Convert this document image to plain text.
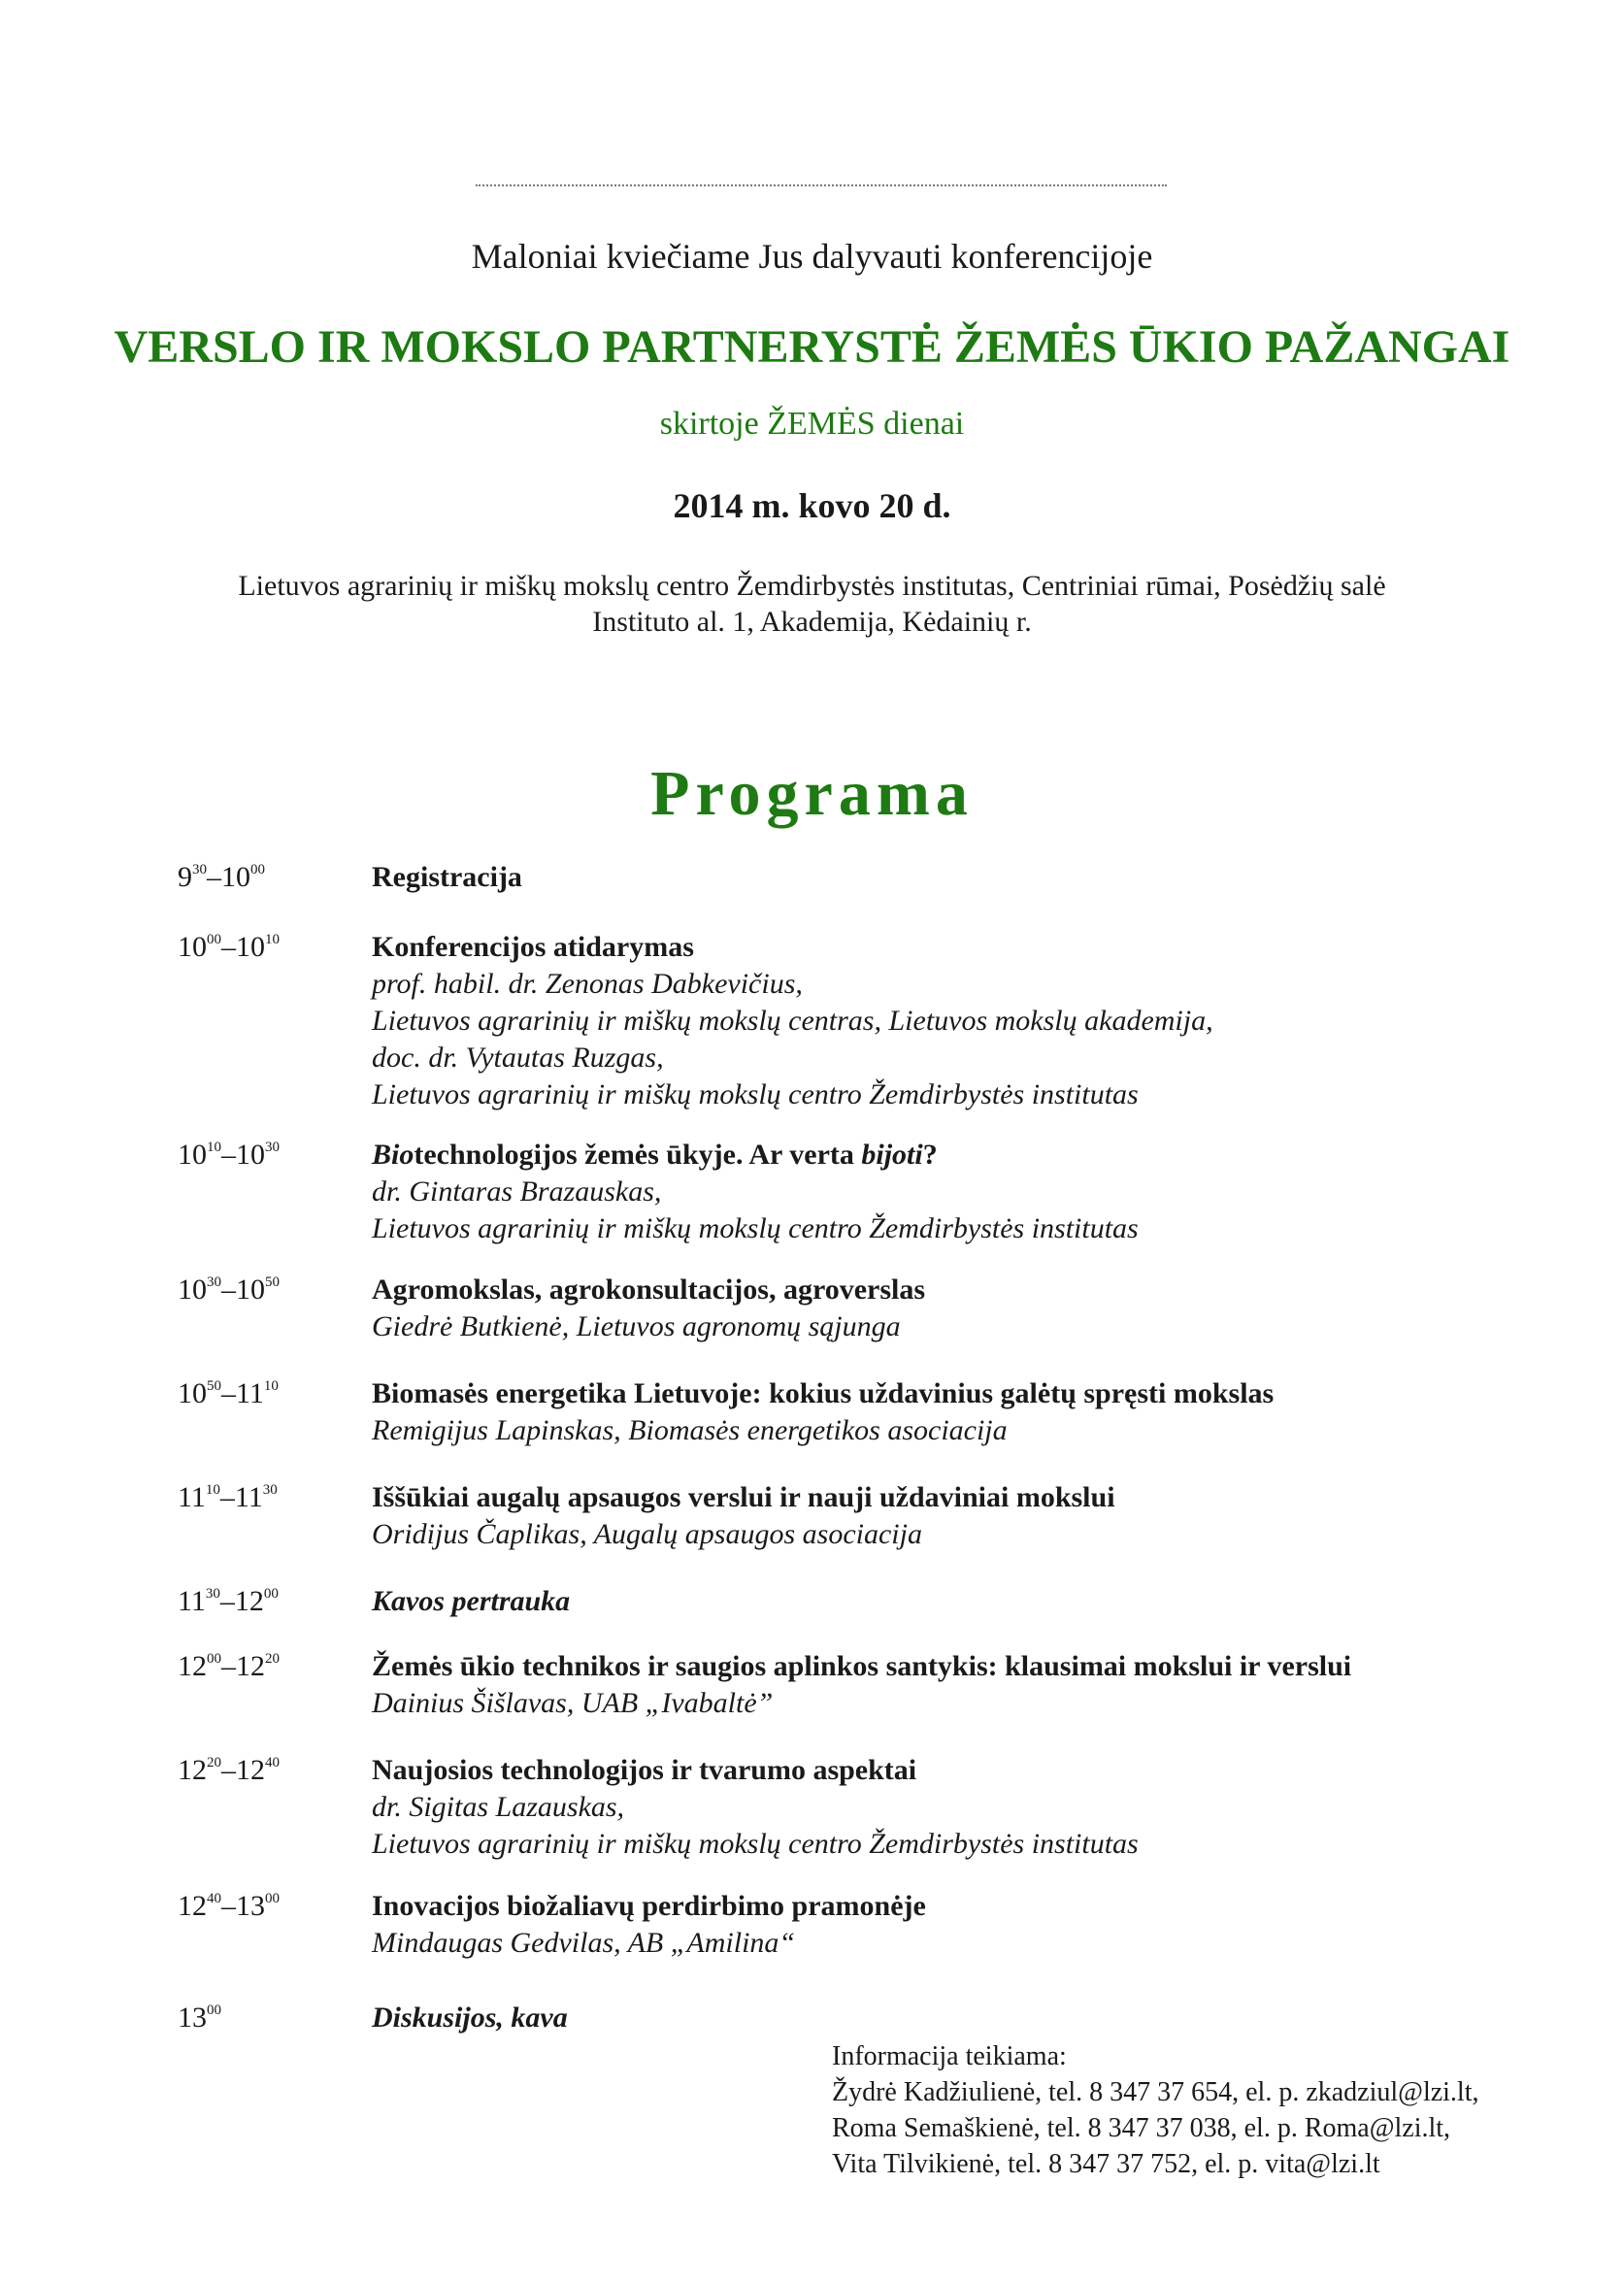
Maloniai kviečiame Jus dalyvauti konferencijoje
VERSLO IR MOKSLO PARTNERYSTĖ ŽEMĖS ŪKIO PAŽANGAI
skirtoje ŽEMĖS dienai
2014 m. kovo 20 d.
Lietuvos agrarinių ir miškų mokslų centro Žemdirbystės institutas, Centriniai rūmai, Posėdžių salė
Instituto al. 1, Akademija, Kėdainių r.
Programa
$9^{30}-10^{00}$	Registracija
$10^{00}-10^{10}$	Konferencijos atidarymas
prof. habil. dr. Zenonas Dabkevičius,
Lietuvos agrarinių ir miškų mokslų centras, Lietuvos mokslų akademija,
doc. dr. Vytautas Ruzgas,
Lietuvos agrarinių ir miškų mokslų centro Žemdirbystės institutas
$10^{10}-10^{30}$	Biotechnologijos žemės ūkyje. Ar verta bijoti?
dr. Gintaras Brazauskas,
Lietuvos agrarinių ir miškų mokslų centro Žemdirbystės institutas
$10^{30}-10^{50}$	Agromokslas, agrokonsultacijos, agroverslas
Giedrė Butkienė, Lietuvos agronomų sąjunga
$10^{50}-11^{10}$	Biomasės energetika Lietuvoje: kokius uždavinius galėtų spręsti mokslas
Remigijus Lapinskas, Biomasės energetikos asociacija
$11^{10}-11^{30}$	Iššūkiai augalų apsaugos verslui ir nauji uždaviniai mokslui
Oridijus Čaplikas, Augalų apsaugos asociacija
$11^{30}-12^{00}$	Kavos pertrauka
$12^{00}-12^{20}$	Žemės ūkio technikos ir saugios aplinkos santykis: klausimai mokslui ir verslui
Dainius Šišlavas, UAB „Ivabaltė”
$12^{20}-12^{40}$	Naujosios technologijos ir tvarumo aspektai
dr. Sigitas Lazauskas,
Lietuvos agrarinių ir miškų mokslų centro Žemdirbystės institutas
$12^{40}-13^{00}$	Inovacijos biožaliavų perdirbimo pramonėje
Mindaugas Gedvilas, AB „Amilina“
$13^{00}$	Diskusijos, kava
Informacija teikiama:
Žydrė Kadžiulienė, tel. 8 347 37 654, el. p. zkadziul@lzi.lt,
Roma Semaškienė, tel. 8 347 37 038, el. p. Roma@lzi.lt,
Vita Tilvikienė, tel. 8 347 37 752, el. p. vita@lzi.lt
